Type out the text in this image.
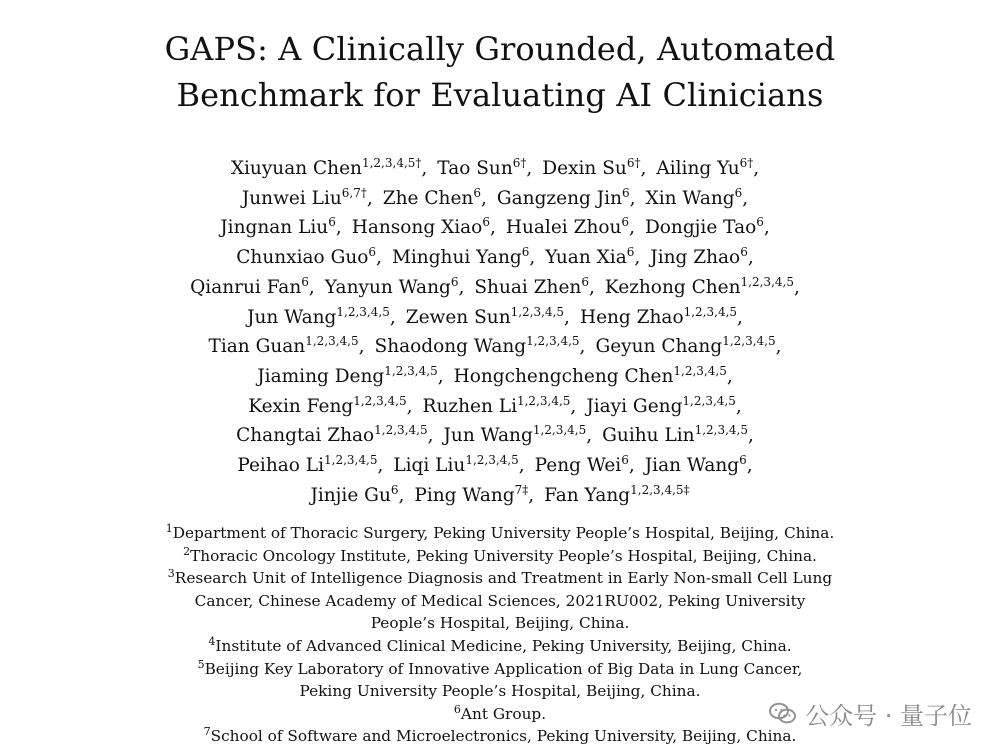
GAPS: A Clinically Grounded, Automated
Benchmark for Evaluating AI Clinicians
Xiuyuan Chen$^{1,2,3,4,5\dagger}$, Tao Sun$^{6\dagger}$, Dexin $Su^{6\dagger}$, Ailing $Yu^{6\dagger}$,
Junwei Liu$^{6,7\dagger}$, Zhe Chen$^6$, Gangzeng Jin$^6$, Xin Wang$^6$,
Jingnan Liu$^6$, Hansong Xiao$^6$, Hualei Zhou$^6$, Dongjie Tao$^6$,
Chunxiao Guo$^6$, Minghui Yang$^6$, Yuan Xia$^6$, Jing Zhao$^6$,
Qianrui Fan$^6$, Yanyun Wang$^6$, Shuai Zhen$^6$, Kezhong Chen$^{1,2,3,4,5}$,
Jun Wang$^{1,2,3,4,5}$, Zewen Sun$^{1,2,3,4,5}$, Heng Zhao$^{1,2,3,4,5}$,
Tian Guan$^{1,2,3,4,5}$, Shaodong Wang$^{1,2,3,4,5}$, Geyun Chang$^{1,2,3,4,5}$,
Jiaming Deng$^{1,2,3,4,5}$, Hongchengcheng Chen$^{1,2,3,4,5}$,
Kexin Feng$^{1,2,3,4,5}$, Ruzhen Li$^{1,2,3,4,5}$, Jiayi Geng$^{1,2,3,4,5}$,
Changtai Zhao$^{1,2,3,4,5}$, Jun Wang$^{1,2,3,4,5}$, Guihu Lin$^{1,2,3,4,5}$,
Peihao Li$^{1,2,3,4,5}$, Liqi Liu$^{1,2,3,4,5}$, Peng Wei$^6$, Jian Wang$^6$,
Jinjie Gu$^6$, Ping Wang$^{7\ddagger}$, Fan Yang$^{1,2,3,4,5\ddagger}$
$^1$Department of Thoracic Surgery, Peking University People’s Hospital, Beijing, China.
$^2$Thoracic Oncology Institute, Peking University People’s Hospital, Beijing, China.
$^3$Research Unit of Intelligence Diagnosis and Treatment in Early Non-small Cell Lung
Cancer, Chinese Academy of Medical Sciences, 2021RU002, Peking University
People’s Hospital, Beijing, China.
$^4$Institute of Advanced Clinical Medicine, Peking University, Beijing, China.
$^5$Beijing Key Laboratory of Innovative Application of Big Data in Lung Cancer,
Peking University People’s Hospital, Beijing, China.
$^6$Ant Group.
$^7$School of Software and Microelectronics, Peking University, Beijing, China.
公众号 · 量子位
